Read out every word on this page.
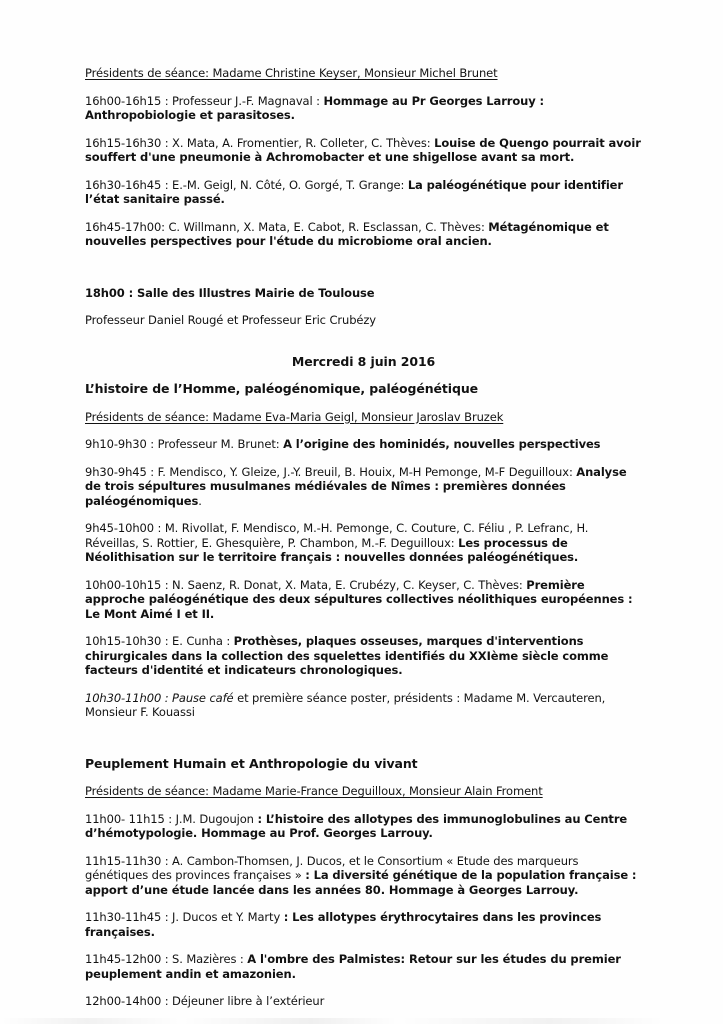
Présidents de séance: Madame Christine Keyser, Monsieur Michel Brunet

16h00-16h15 : Professeur J.-F. Magnaval : Hommage au Pr Georges Larrouy : Anthropobiologie et parasitoses.

16h15-16h30 : X. Mata, A. Fromentier, R. Colleter, C. Thèves: Louise de Quengo pourrait avoir souffert d'une pneumonie à Achromobacter et une shigellose avant sa mort.

16h30-16h45 : E.-M. Geigl, N. Côté, O. Gorgé, T. Grange: La paléogénétique pour identifier l’état sanitaire passé.

16h45-17h00: C. Willmann, X. Mata, E. Cabot, R. Esclassan, C. Thèves: Métagénomique et nouvelles perspectives pour l'étude du microbiome oral ancien.

18h00 : Salle des Illustres Mairie de Toulouse

Professeur Daniel Rougé et Professeur Eric Crubézy

Mercredi 8 juin 2016

L’histoire de l’Homme, paléogénomique, paléogénétique

Présidents de séance: Madame Eva-Maria Geigl, Monsieur Jaroslav Bruzek

9h10-9h30 : Professeur M. Brunet: A l’origine des hominidés, nouvelles perspectives

9h30-9h45 : F. Mendisco, Y. Gleize, J.-Y. Breuil, B. Houix, M-H Pemonge, M-F Deguilloux: Analyse de trois sépultures musulmanes médiévales de Nîmes : premières données paléogénomiques.

9h45-10h00 : M. Rivollat, F. Mendisco, M.-H. Pemonge, C. Couture, C. Féliu , P. Lefranc, H. Réveillas, S. Rottier, E. Ghesquière, P. Chambon, M.-F. Deguilloux: Les processus de Néolithisation sur le territoire français : nouvelles données paléogénétiques.

10h00-10h15 : N. Saenz, R. Donat, X. Mata, E. Crubézy, C. Keyser, C. Thèves: Première approche paléogénétique des deux sépultures collectives néolithiques européennes : Le Mont Aimé I et II.

10h15-10h30 : E. Cunha : Prothèses, plaques osseuses, marques d'interventions chirurgicales dans la collection des squelettes identifiés du XXIème siècle comme facteurs d'identité et indicateurs chronologiques.

10h30-11h00 : Pause café et première séance poster, présidents : Madame M. Vercauteren, Monsieur F. Kouassi

Peuplement Humain et Anthropologie du vivant

Présidents de séance: Madame Marie-France Deguilloux, Monsieur Alain Froment

11h00- 11h15 : J.M. Dugoujon : L’histoire des allotypes des immunoglobulines au Centre d’hémotypologie. Hommage au Prof. Georges Larrouy.

11h15-11h30 : A. Cambon-Thomsen, J. Ducos, et le Consortium « Etude des marqueurs génétiques des provinces françaises » : La diversité génétique de la population française : apport d’une étude lancée dans les années 80. Hommage à Georges Larrouy.

11h30-11h45 : J. Ducos et Y. Marty : Les allotypes érythrocytaires dans les provinces françaises.

11h45-12h00 : S. Mazières : A l'ombre des Palmistes: Retour sur les études du premier peuplement andin et amazonien.

12h00-14h00 : Déjeuner libre à l’extérieur
